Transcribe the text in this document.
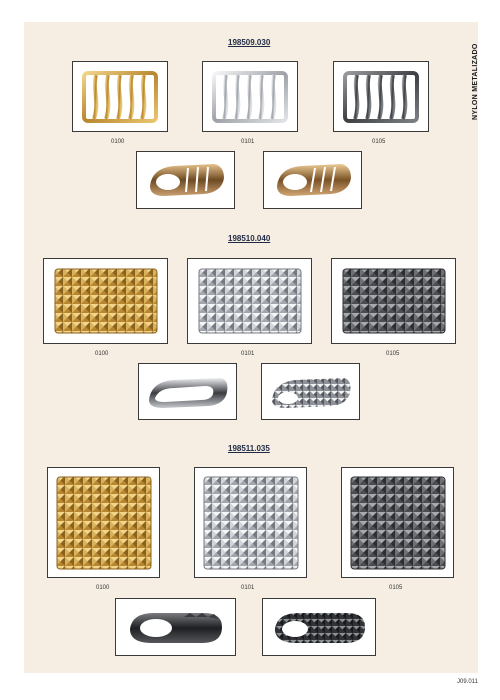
NYLON METALIZADO
198509.030
0100	0101	0105
198510.040
0100	0101	0105
198511.035
0100	0101	0105
J09.011
